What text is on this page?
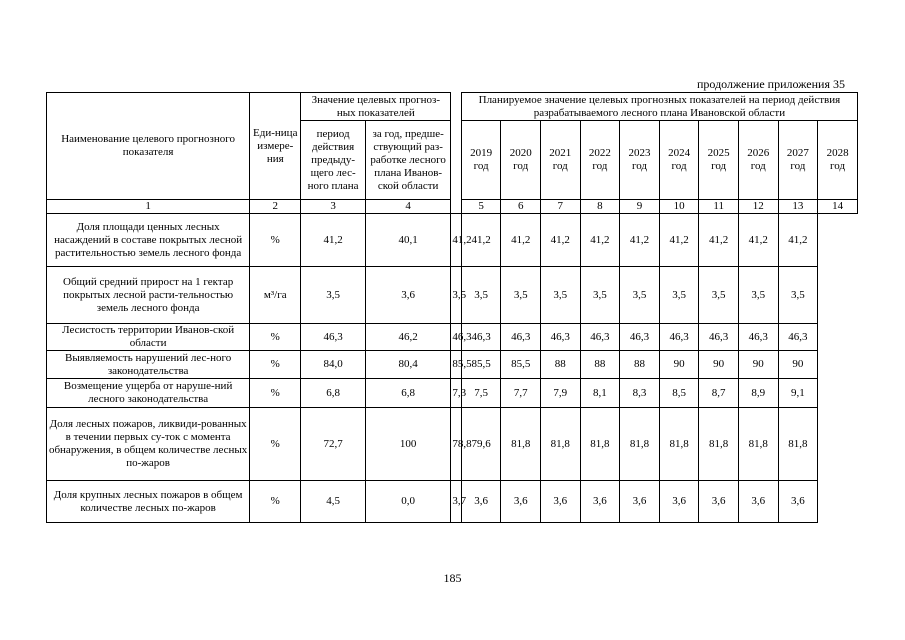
продолжение приложения 35
Наименование целевого прогнозного показателя	Еди-ница измере-ния	Значение целевых прогноз-ных показателей			Планируемое значение целевых прогнозных показателей на период действия разрабатываемого лесного плана Ивановской области									
		период действия предыду-щего лес-ного плана	за год, предше-ствующий раз-работке лесного плана Иванов-ской области		2019 год	2020 год	2021 год	2022 год	2023 год	2024 год	2025 год	2026 год	2027 год	2028 год
1	2	3	4		5	6	7	8	9	10	11	12	13	14
Доля площади ценных лесных насаждений в составе покрытых лесной растительностью земель лесного фонда	%	41,2	40,1	41,2	41,2	41,2	41,2	41,2	41,2	41,2	41,2	41,2	41,2	
Общий средний прирост на 1 гектар покрытых лесной расти-тельностью земель лесного фонда	м³/га	3,5	3,6	3,5	3,5	3,5	3,5	3,5	3,5	3,5	3,5	3,5	3,5	
Лесистость территории Иванов-ской области	%	46,3	46,2	46,3	46,3	46,3	46,3	46,3	46,3	46,3	46,3	46,3	46,3	
Выявляемость нарушений лес-ного законодательства	%	84,0	80,4	85,5	85,5	85,5	88	88	88	90	90	90	90	
Возмещение ущерба от наруше-ний лесного законодательства	%	6,8	6,8	7,3	7,5	7,7	7,9	8,1	8,3	8,5	8,7	8,9	9,1	
Доля лесных пожаров, ликвиди-рованных в течении первых су-ток с момента обнаружения, в общем количестве лесных по-жаров	%	72,7	100	78,8	79,6	81,8	81,8	81,8	81,8	81,8	81,8	81,8	81,8	
Доля крупных лесных пожаров в общем количестве лесных по-жаров	%	4,5	0,0	3,7	3,6	3,6	3,6	3,6	3,6	3,6	3,6	3,6	3,6	
185
